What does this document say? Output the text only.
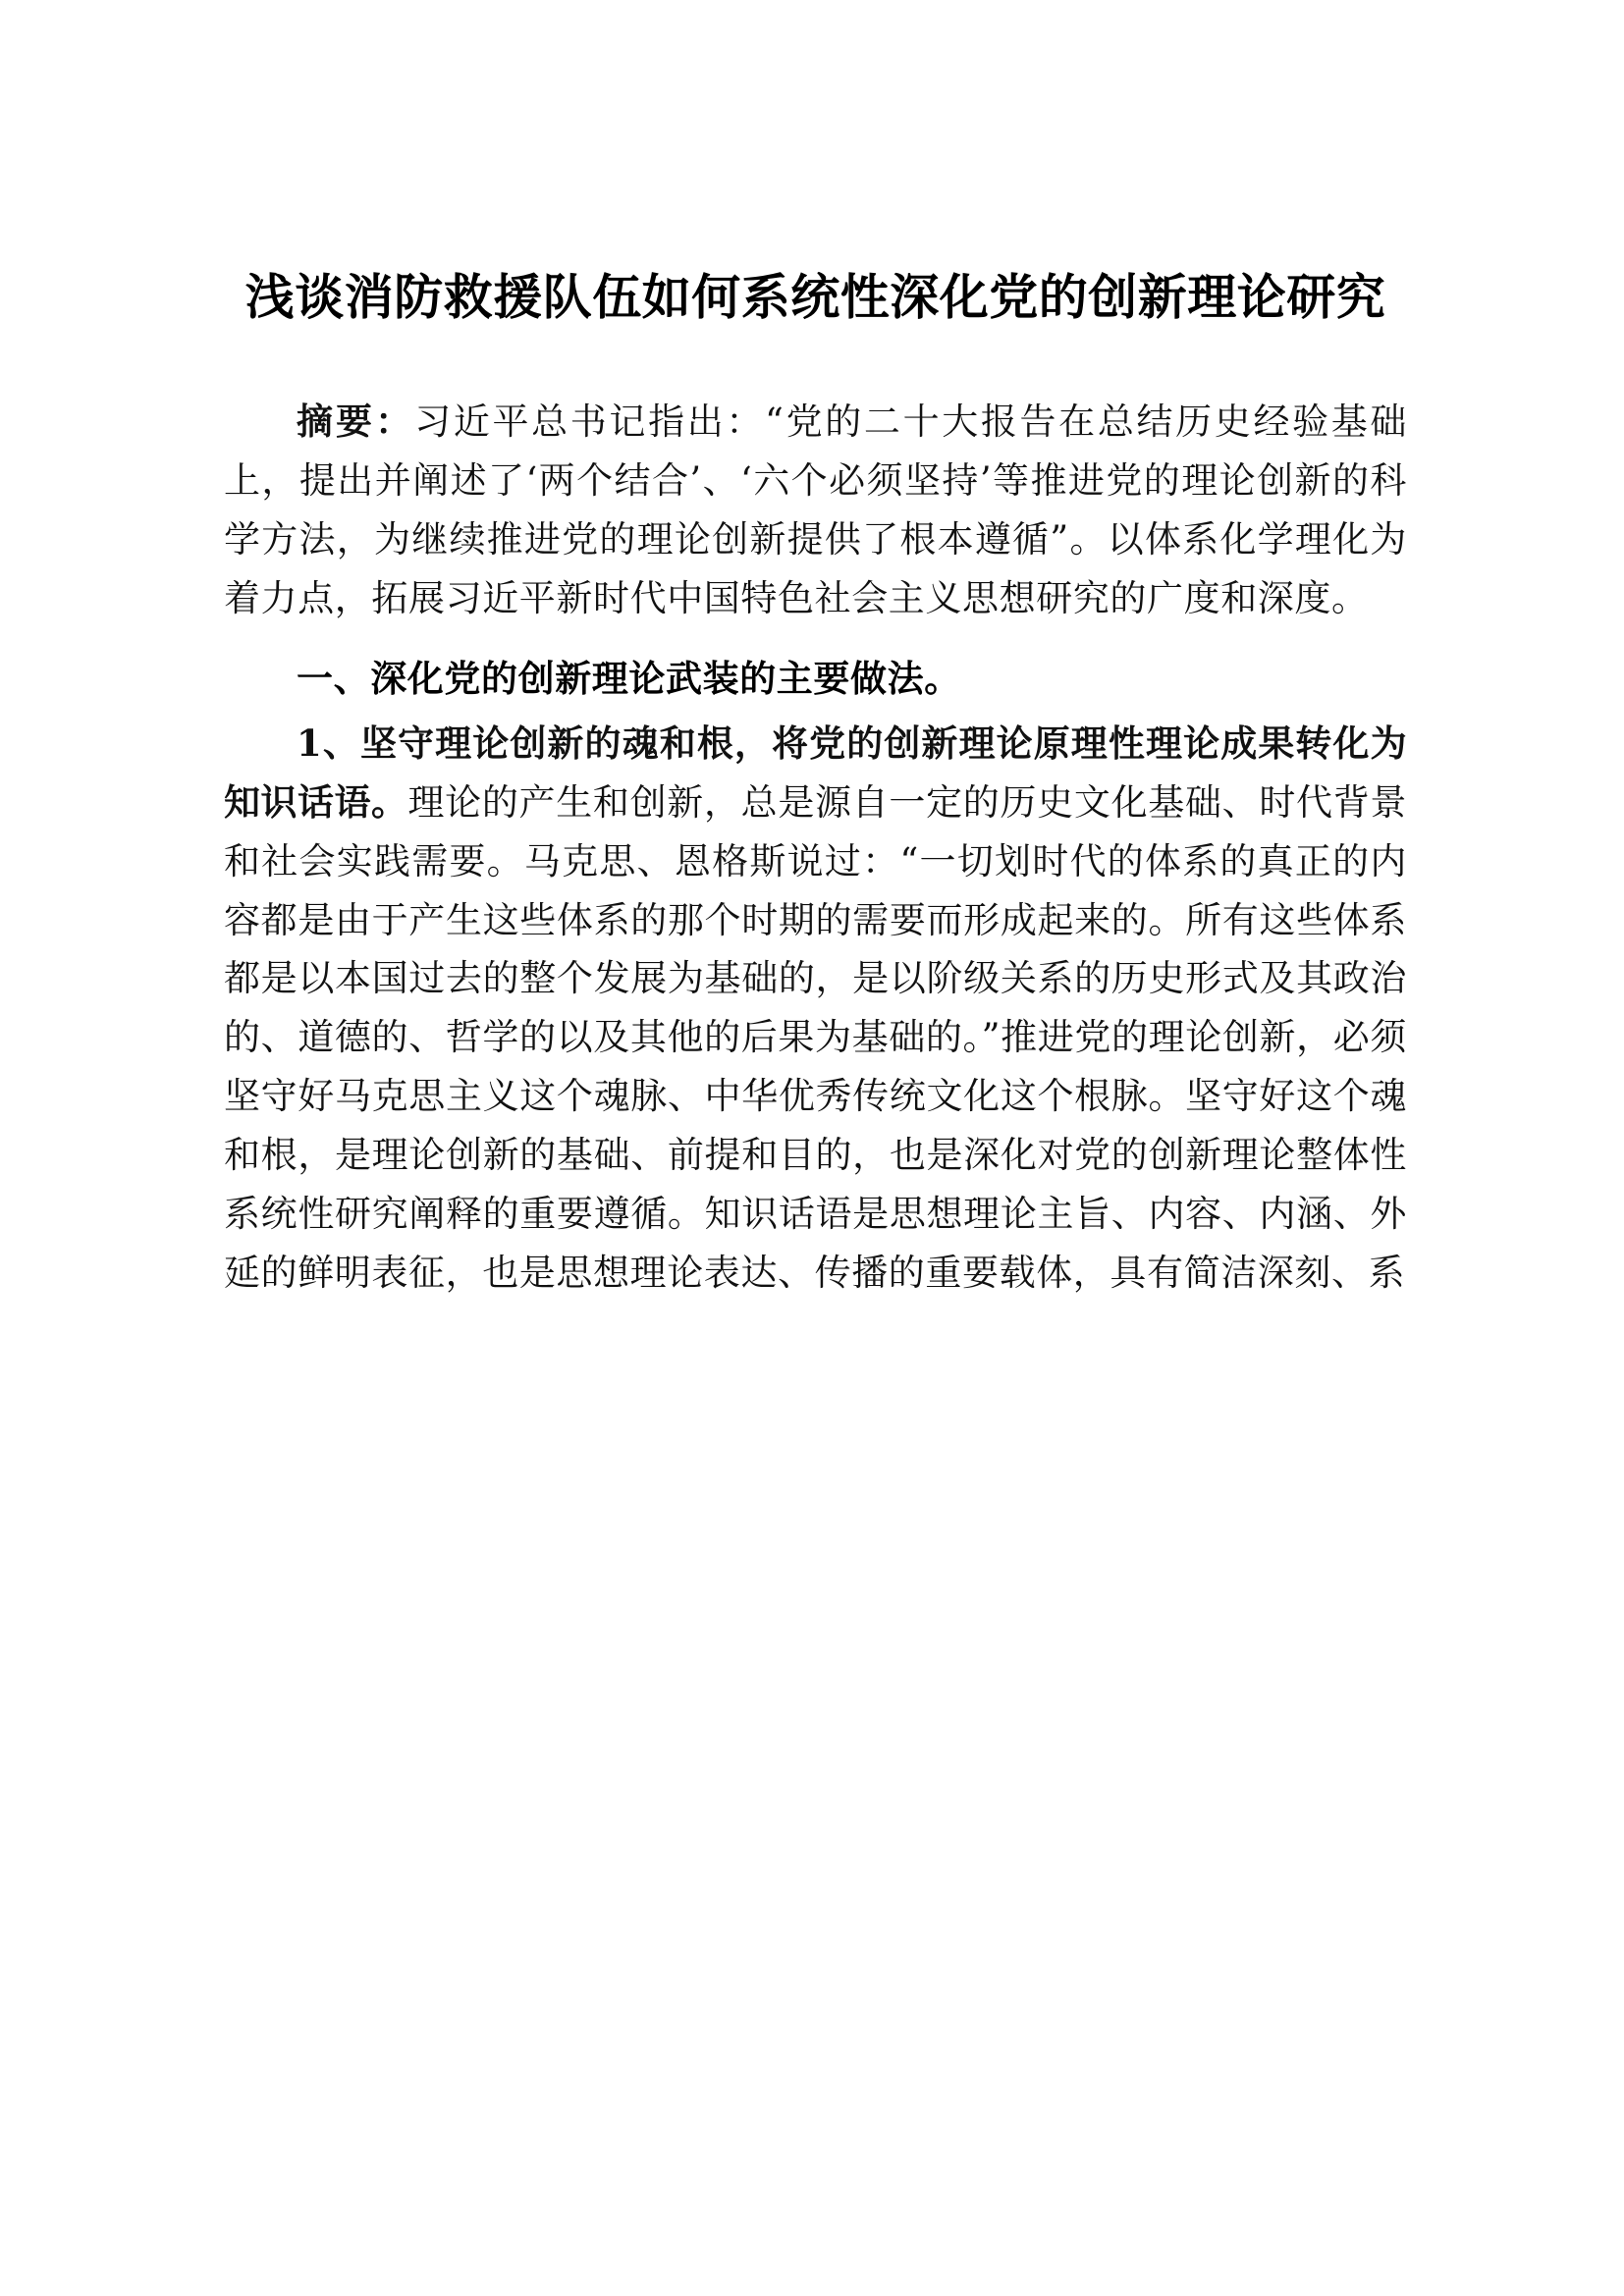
浅谈消防救援队伍如何系统性深化党的创新理论研究

摘要：习近平总书记指出：“党的二十大报告在总结历史经验基础上，提出并阐述了‘两个结合’、‘六个必须坚持’等推进党的理论创新的科学方法，为继续推进党的理论创新提供了根本遵循”。以体系化学理化为着力点，拓展习近平新时代中国特色社会主义思想研究的广度和深度。

一、深化党的创新理论武装的主要做法。

1、坚守理论创新的魂和根，将党的创新理论原理性理论成果转化为知识话语。理论的产生和创新，总是源自一定的历史文化基础、时代背景和社会实践需要。马克思、恩格斯说过：“一切划时代的体系的真正的内容都是由于产生这些体系的那个时期的需要而形成起来的。所有这些体系都是以本国过去的整个发展为基础的，是以阶级关系的历史形式及其政治的、道德的、哲学的以及其他的后果为基础的。”推进党的理论创新，必须坚守好马克思主义这个魂脉、中华优秀传统文化这个根脉。坚守好这个魂和根，是理论创新的基础、前提和目的，也是深化对党的创新理论整体性系统性研究阐释的重要遵循。知识话语是思想理论主旨、内容、内涵、外延的鲜明表征，也是思想理论表达、传播的重要载体，具有简洁深刻、系
